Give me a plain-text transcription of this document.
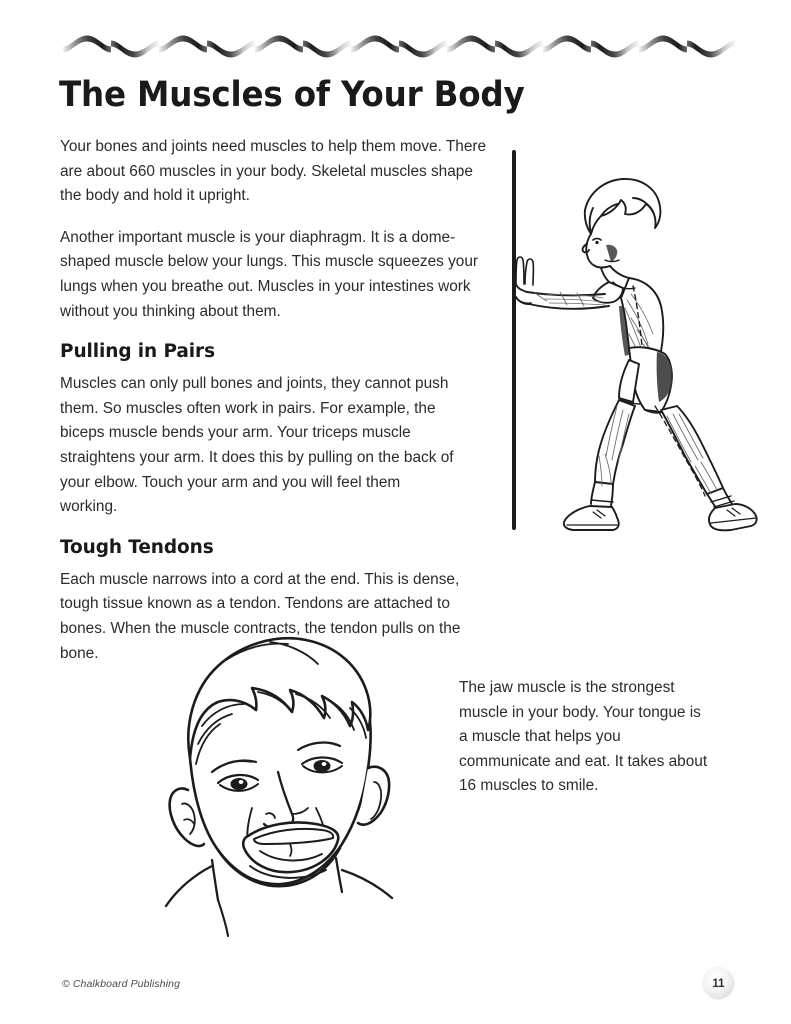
The Muscles of Your Body

Your bones and joints need muscles to help them move. There are about 660 muscles in your body. Skeletal muscles shape the body and hold it upright.

Another important muscle is your diaphragm. It is a dome-shaped muscle below your lungs. This muscle squeezes your lungs when you breathe out. Muscles in your intestines work without you thinking about them.

Pulling in Pairs

Muscles can only pull bones and joints, they cannot push them. So muscles often work in pairs. For example, the biceps muscle bends your arm. Your triceps muscle straightens your arm. It does this by pulling on the back of your elbow. Touch your arm and you will feel them working.

Tough Tendons

Each muscle narrows into a cord at the end. This is dense, tough tissue known as a tendon. Tendons are attached to bones. When the muscle contracts, the tendon pulls on the bone.

The jaw muscle is the strongest muscle in your body. Your tongue is a muscle that helps you communicate and eat. It takes about 16 muscles to smile.
© Chalkboard Publishing	11
